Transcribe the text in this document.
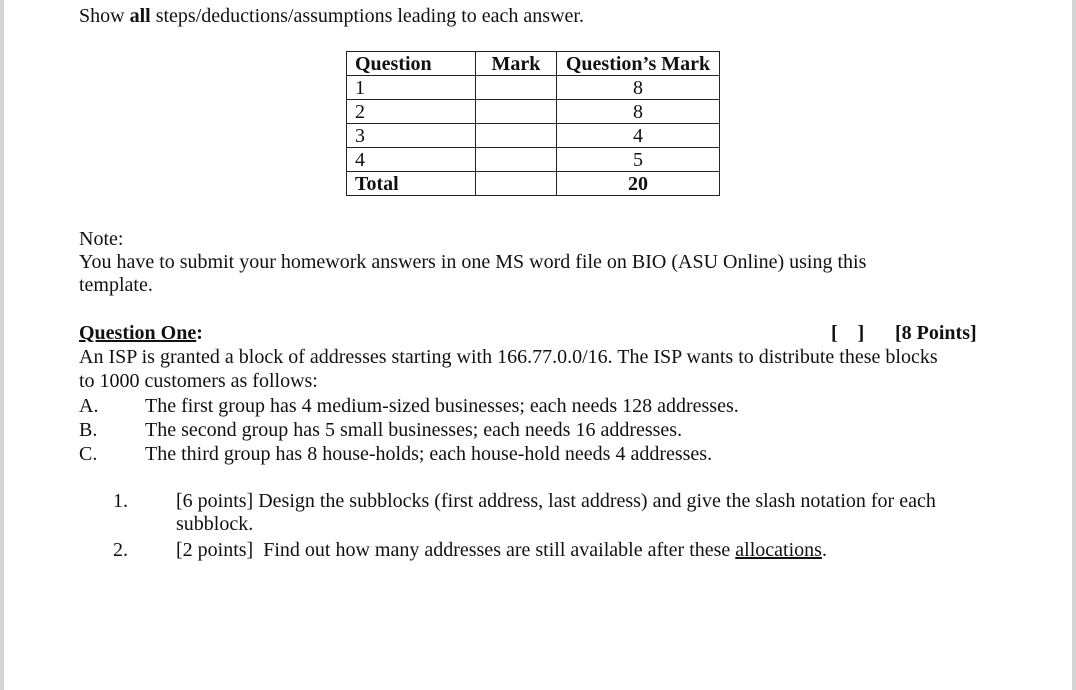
Show all steps/deductions/assumptions leading to each answer.
Question	Mark	Question’s Mark
1		8
2		8
3		4
4		5
Total		20
Note:
You have to submit your homework answers in one MS word file on BIO (ASU Online) using this
template.
Question One:	[    ] [8 Points]
An ISP is granted a block of addresses starting with 166.77.0.0/16. The ISP wants to distribute these blocks
to 1000 customers as follows:
A. The first group has 4 medium-sized businesses; each needs 128 addresses.
B. The second group has 5 small businesses; each needs 16 addresses.
C. The third group has 8 house-holds; each house-hold needs 4 addresses.
1. [6 points] Design the subblocks (first address, last address) and give the slash notation for each
subblock.
2. [2 points]  Find out how many addresses are still available after these allocations.
